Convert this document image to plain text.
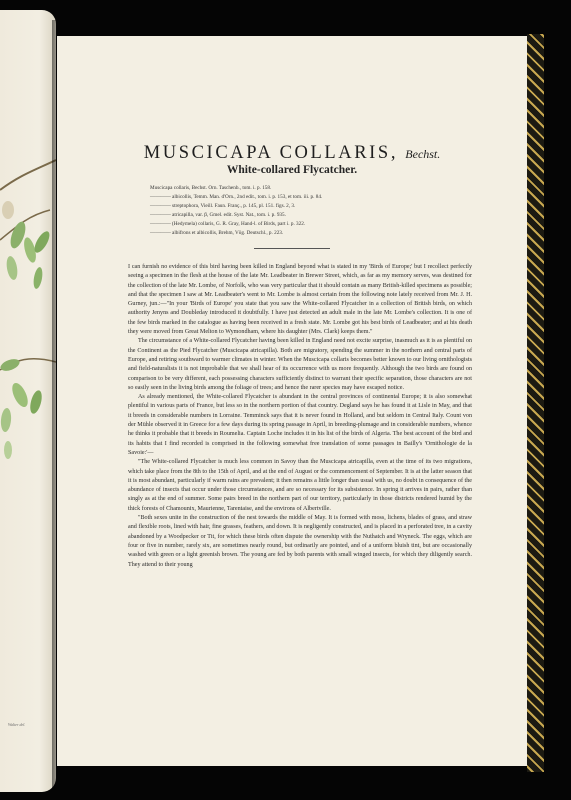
Walter del.
MUSCICAPA COLLARIS, Bechst.
White-collared Flycatcher.
Muscicapa collaris, Bechst. Orn. Taschenb., tom. i. p. 158.
———— albicollis, Temm. Man. d'Orn., 2nd edit., tom. i. p. 153, et tom. iii. p. 84.
———— streptophora, Vieill. Faun. Franç., p. 145, pl. 151. figs. 2, 3.
———— atricapilla, var. β, Gmel. edit. Syst. Nat., tom. i. p. 935.
———— (Hedymela) collaris, G. R. Gray, Hand-l. of Birds, part i. p. 322.
———— albifrons et albicollis, Brehm, Vög. Deutschl., p. 223.

I can furnish no evidence of this bird having been killed in England beyond what is stated in my 'Birds of Europe;' but I recollect perfectly seeing a specimen in the flesh at the house of the late Mr. Leadbeater in Brewer Street, which, as far as my memory serves, was destined for the collection of the late Mr. Lombe, of Norfolk, who was very particular that it should contain as many British-killed specimens as possible; and that the specimen I saw at Mr. Leadbeater's went to Mr. Lombe is almost certain from the following note lately received from Mr. J. H. Gurney, jun.:—"In your 'Birds of Europe' you state that you saw the White-collared Flycatcher in a collection of British birds, on which authority Jenyns and Doubleday introduced it doubtfully. I have just detected an adult male in the late Mr. Lombe's collection. It is one of the few birds marked in the catalogue as having been received in a fresh state. Mr. Lombe got his best birds of Leadbeater; and at his death they were moved from Great Melton to Wymondham, where his daughter (Mrs. Clark) keeps them."

The circumstance of a White-collared Flycatcher having been killed in England need not excite surprise, inasmuch as it is as plentiful on the Continent as the Pied Flycatcher (Muscicapa atricapilla). Both are migratory, spending the summer in the northern and central parts of Europe, and retiring southward to warmer climates in winter. When the Muscicapa collaris becomes better known to our living ornithologists and field-naturalists it is not improbable that we shall hear of its occurrence with us more frequently. Although the two birds are found on comparison to be very different, each possessing characters sufficiently distinct to warrant their specific separation, those characters are not so easily seen in the living birds among the foliage of trees; and hence the rarer species may have escaped notice.

As already mentioned, the White-collared Flycatcher is abundant in the central provinces of continental Europe; it is also somewhat plentiful in various parts of France, but less so in the northern portion of that country. Degland says he has found it at Lisle in May, and that it breeds in considerable numbers in Lorraine. Temminck says that it is never found in Holland, and but seldom in Central Italy. Count von der Mühle observed it in Greece for a few days during its spring passage in April, in breeding-plumage and in considerable numbers, whence he thinks it probable that it breeds in Roumelia. Captain Loche includes it in his list of the birds of Algeria. The best account of the bird and its habits that I find recorded is comprised in the following somewhat free translation of some passages in Bailly's 'Ornithologie de la Savoie:'—

"The White-collared Flycatcher is much less common in Savoy than the Muscicapa atricapilla, even at the time of its two migrations, which take place from the 8th to the 15th of April, and at the end of August or the commencement of September. It is at the latter season that it is most abundant, particularly if warm rains are prevalent; it then remains a little longer than usual with us, no doubt in consequence of the abundance of insects that occur under those circumstances, and are so necessary for its subsistence. In spring it arrives in pairs, rather than singly as at the end of summer. Some pairs breed in the northern part of our territory, particularly in those districts rendered humid by the thick forests of Chamounix, Maurienne, Tarentaise, and the environs of Albertville.

"Both sexes unite in the construction of the nest towards the middle of May. It is formed with moss, lichens, blades of grass, and straw and flexible roots, lined with hair, fine grasses, feathers, and down. It is negligently constructed, and is placed in a perforated tree, in a cavity abandoned by a Woodpecker or Tit, for which these birds often dispute the ownership with the Nuthatch and Wryneck. The eggs, which are four or five in number, rarely six, are sometimes nearly round, but ordinarily are pointed, and of a uniform bluish tint, but are occasionally washed with green or a light greenish brown. The young are fed by both parents with small winged insects, for which they diligently search. They attend to their young
